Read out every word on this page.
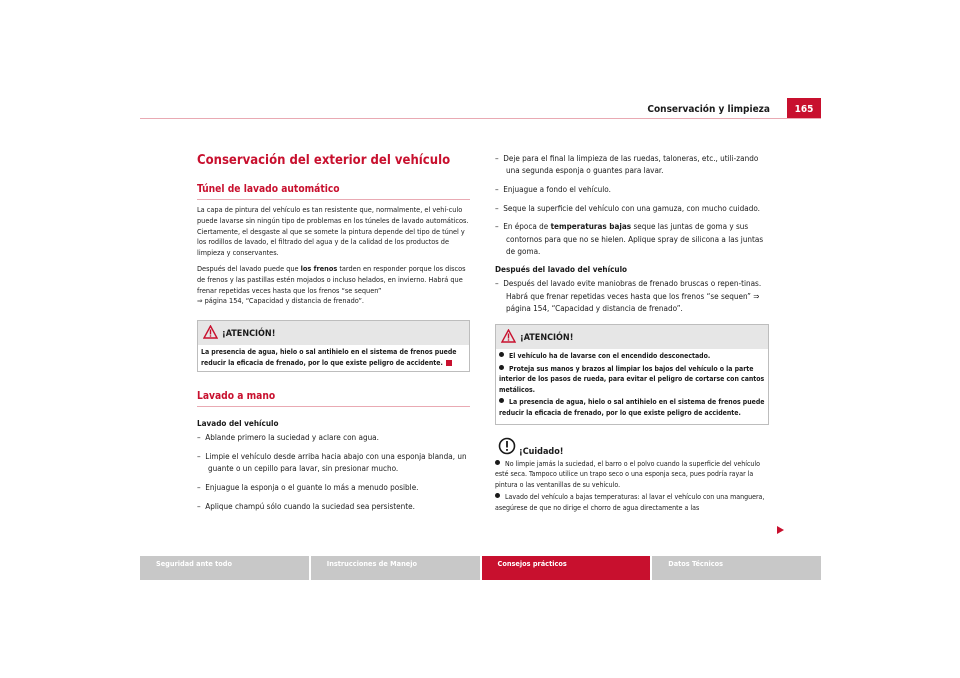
Conservación y limpieza	165
Conservación del exterior del vehículo
Túnel de lavado automático

La capa de pintura del vehículo es tan resistente que, normalmente, el vehí-culo puede lavarse sin ningún tipo de problemas en los túneles de lavado automáticos. Ciertamente, el desgaste al que se somete la pintura depende del tipo de túnel y los rodillos de lavado, el filtrado del agua y de la calidad de los productos de limpieza y conservantes.

Después del lavado puede que los frenos tarden en responder porque los discos de frenos y las pastillas estén mojados o incluso helados, en invierno. Habrá que frenar repetidas veces hasta que los frenos “se sequen”
⇒ página 154, “Capacidad y distancia de frenado”.

¡ATENCIÓN!
La presencia de agua, hielo o sal antihielo en el sistema de frenos puede reducir la eficacia de frenado, por lo que existe peligro de accidente.
Lavado a mano
Lavado del vehículo
–  Ablande primero la suciedad y aclare con agua.
–  Limpie el vehículo desde arriba hacia abajo con una esponja blanda, un guante o un cepillo para lavar, sin presionar mucho.
–  Enjuague la esponja o el guante lo más a menudo posible.
–  Aplique champú sólo cuando la suciedad sea persistente.
–  Deje para el final la limpieza de las ruedas, taloneras, etc., utili-zando una segunda esponja o guantes para lavar.
–  Enjuague a fondo el vehículo.
–  Seque la superficie del vehículo con una gamuza, con mucho cuidado.
–  En época de temperaturas bajas seque las juntas de goma y sus contornos para que no se hielen. Aplique spray de silicona a las juntas de goma.
Después del lavado del vehículo
–  Después del lavado evite maniobras de frenado bruscas o repen-tinas. Habrá que frenar repetidas veces hasta que los frenos “se sequen” ⇒ página 154, “Capacidad y distancia de frenado”.
¡ATENCIÓN!
El vehículo ha de lavarse con el encendido desconectado.
Proteja sus manos y brazos al limpiar los bajos del vehículo o la parte interior de los pasos de rueda, para evitar el peligro de cortarse con cantos metálicos.
La presencia de agua, hielo o sal antihielo en el sistema de frenos puede reducir la eficacia de frenado, por lo que existe peligro de accidente.
¡Cuidado!
No limpie jamás la suciedad, el barro o el polvo cuando la superficie del vehículo esté seca. Tampoco utilice un trapo seco o una esponja seca, pues podría rayar la pintura o las ventanillas de su vehículo.
Lavado del vehículo a bajas temperaturas: al lavar el vehículo con una manguera, asegúrese de que no dirige el chorro de agua directamente a las
Seguridad ante todo	Instrucciones de Manejo	Consejos prácticos	Datos Técnicos
